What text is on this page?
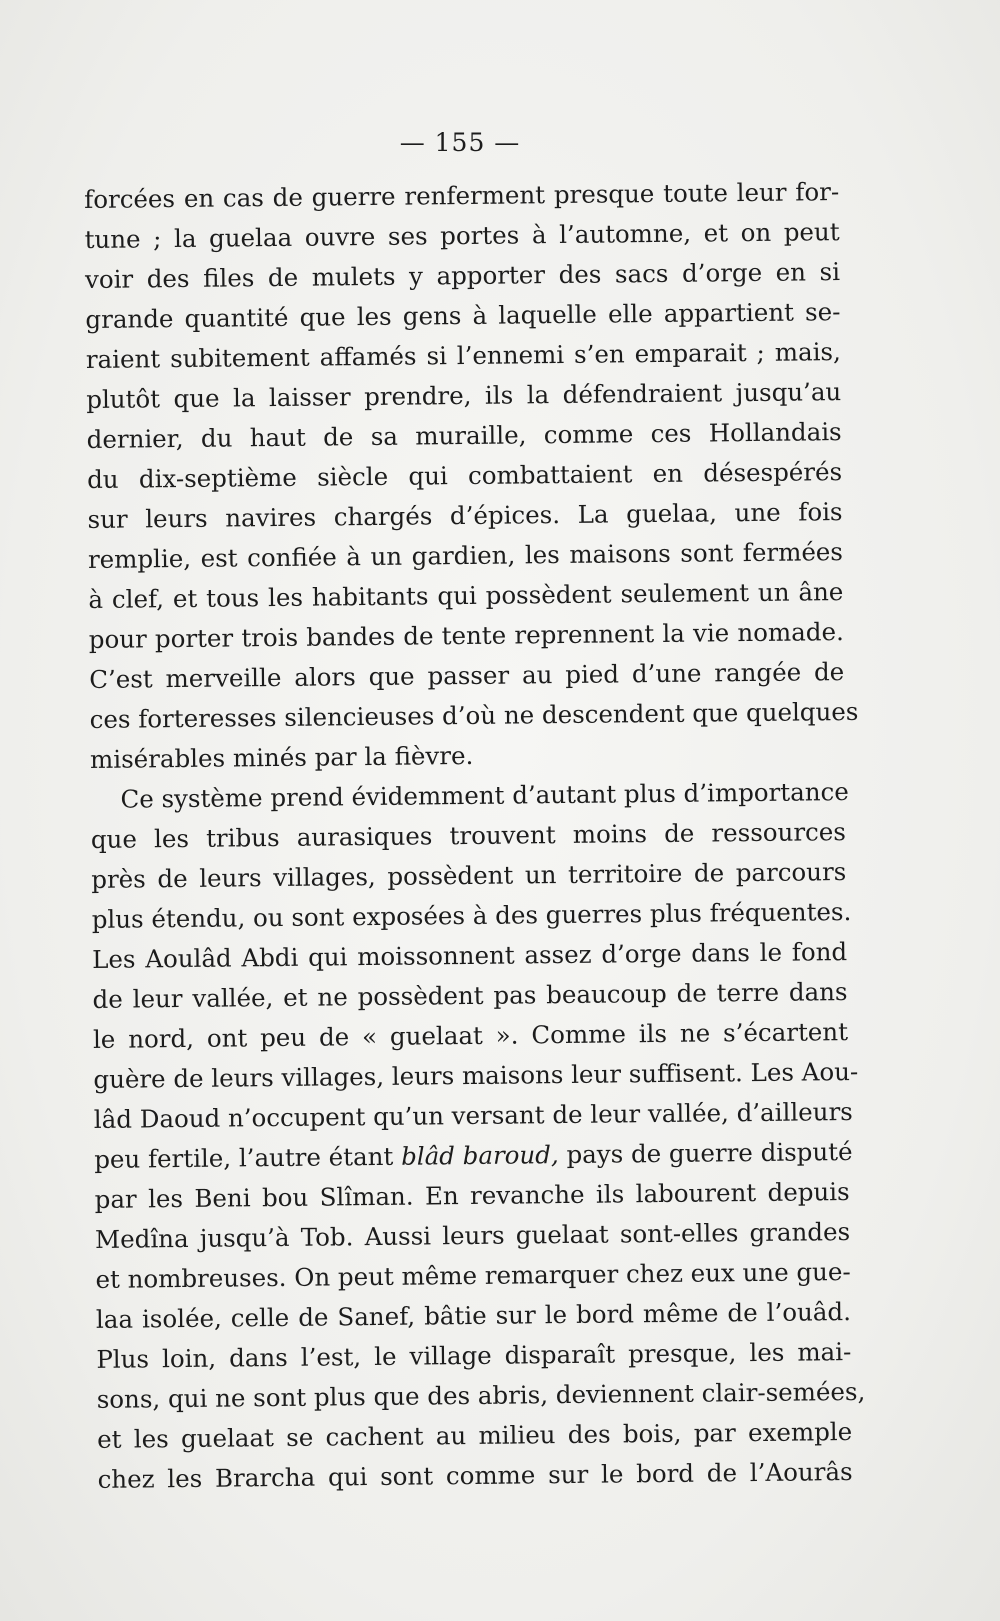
— 155 —
forcées en cas de guerre renferment presque toute leur for-
tune ; la guelaa ouvre ses portes à l’automne, et on peut
voir des files de mulets y apporter des sacs d’orge en si
grande quantité que les gens à laquelle elle appartient se-
raient subitement affamés si l’ennemi s’en emparait ; mais,
plutôt que la laisser prendre, ils la défendraient jusqu’au
dernier, du haut de sa muraille, comme ces Hollandais
du dix-septième siècle qui combattaient en désespérés
sur leurs navires chargés d’épices. La guelaa, une fois
remplie, est confiée à un gardien, les maisons sont fermées
à clef, et tous les habitants qui possèdent seulement un âne
pour porter trois bandes de tente reprennent la vie nomade.
C’est merveille alors que passer au pied d’une rangée de
ces forteresses silencieuses d’où ne descendent que quelques
misérables minés par la fièvre.
Ce système prend évidemment d’autant plus d’importance
que les tribus aurasiques trouvent moins de ressources
près de leurs villages, possèdent un territoire de parcours
plus étendu, ou sont exposées à des guerres plus fréquentes.
Les Aoulâd Abdi qui moissonnent assez d’orge dans le fond
de leur vallée, et ne possèdent pas beaucoup de terre dans
le nord, ont peu de « guelaat ». Comme ils ne s’écartent
guère de leurs villages, leurs maisons leur suffisent. Les Aou-
lâd Daoud n’occupent qu’un versant de leur vallée, d’ailleurs
peu fertile, l’autre étant blâd baroud, pays de guerre disputé
par les Beni bou Slîman. En revanche ils labourent depuis
Medîna jusqu’à Tob. Aussi leurs guelaat sont-elles grandes
et nombreuses. On peut même remarquer chez eux une gue-
laa isolée, celle de Sanef, bâtie sur le bord même de l’ouâd.
Plus loin, dans l’est, le village disparaît presque, les mai-
sons, qui ne sont plus que des abris, deviennent clair-semées,
et les guelaat se cachent au milieu des bois, par exemple
chez les Brarcha qui sont comme sur le bord de l’Aourâs
